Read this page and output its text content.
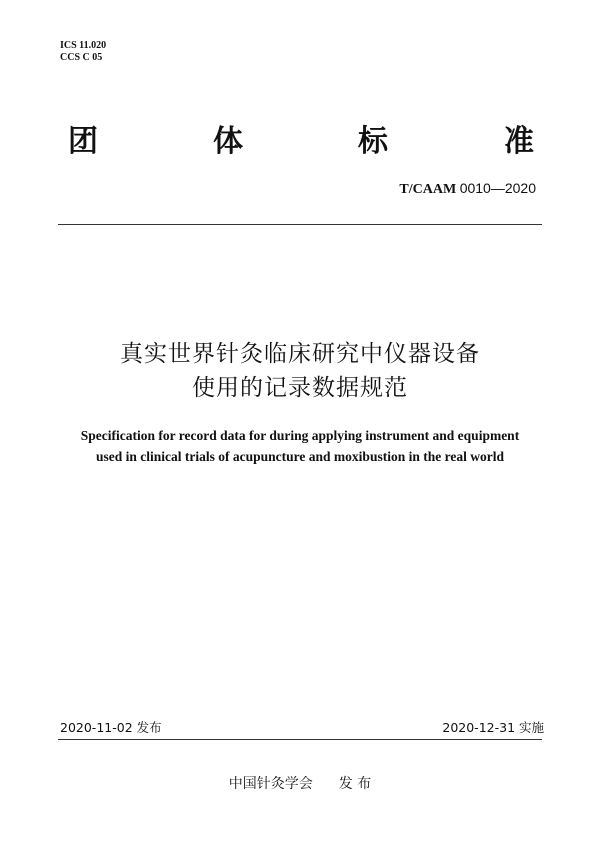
ICS 11.020
CCS C 05
团	体	标	准
T/CAAM 0010—2020
真实世界针灸临床研究中仪器设备
使用的记录数据规范
Specification for record data for during applying instrument and equipment
used in clinical trials of acupuncture and moxibustion in the real world
2020-11-02 发布	2020-12-31 实施
中国针灸学会 发 布
